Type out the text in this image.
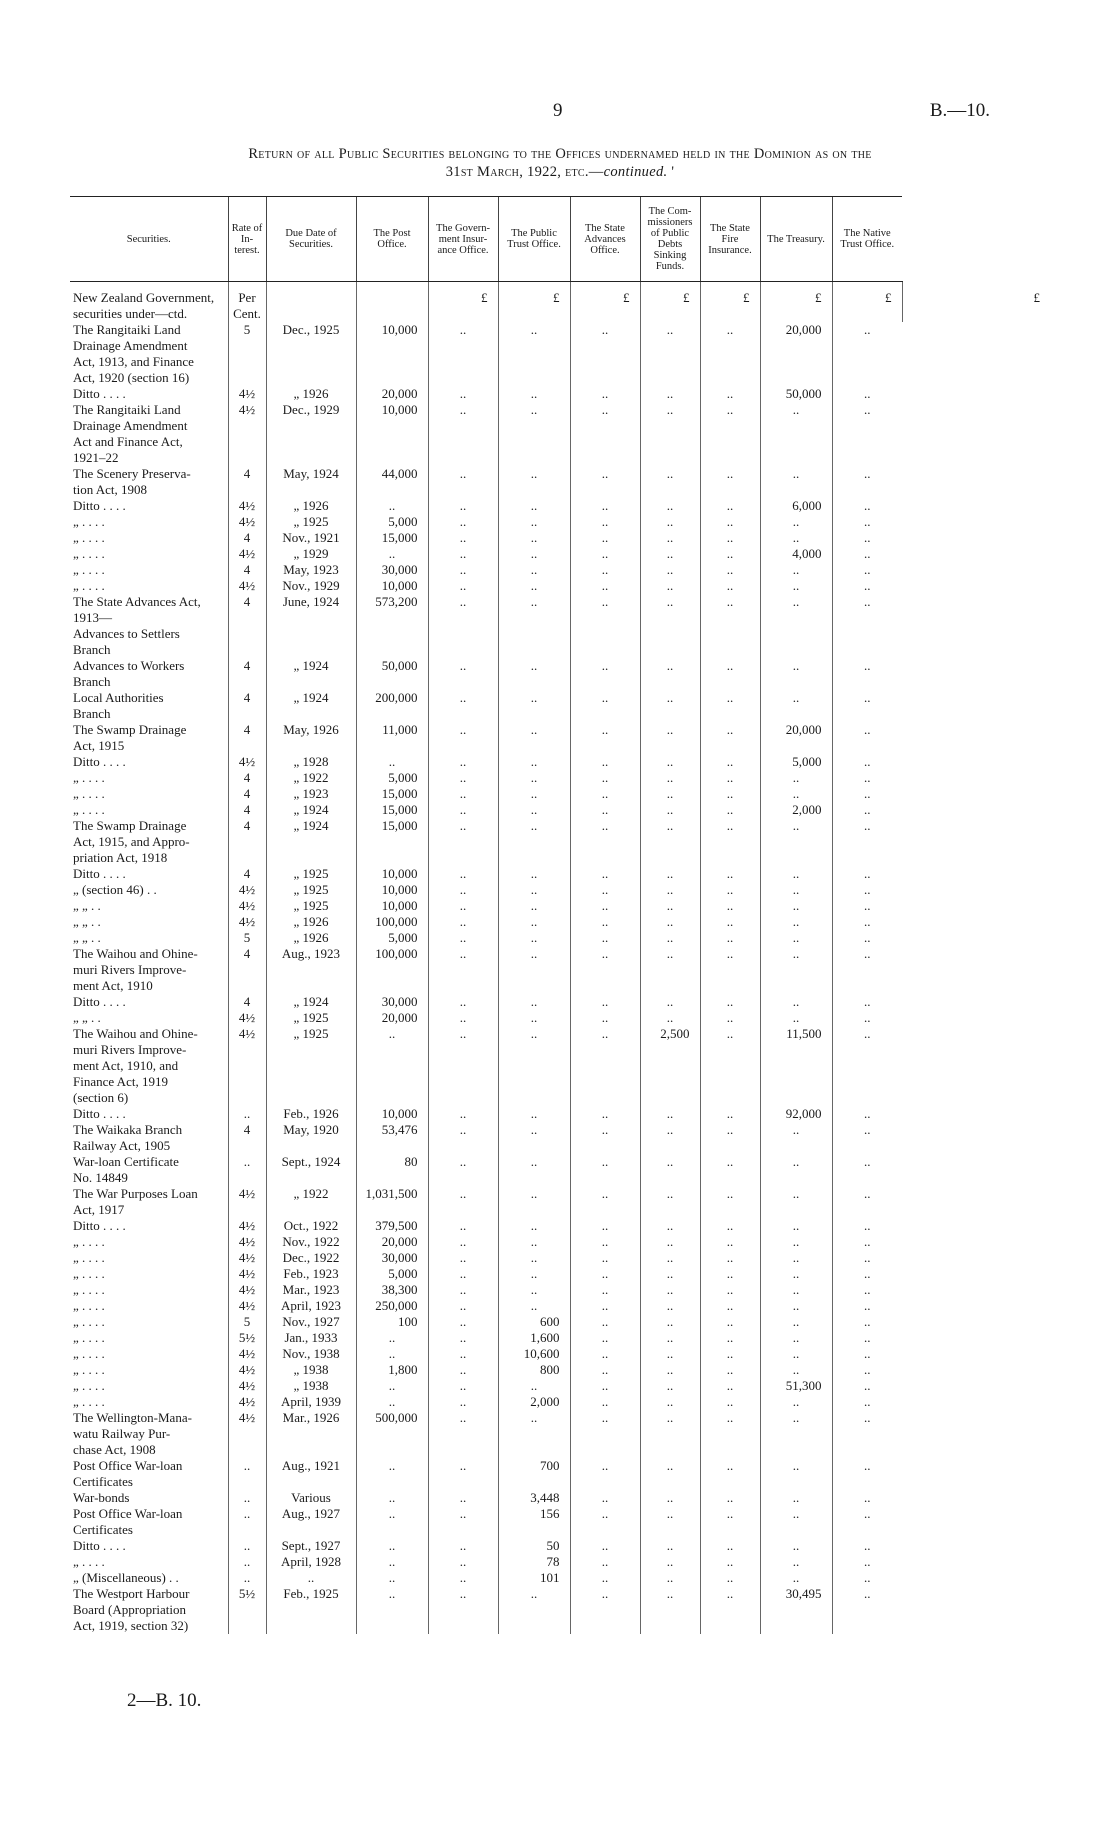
9	B.—10.
Return of all Public Securities belonging to the Offices undernamed held in the Dominion as on the
31st March, 1922, etc.—continued. '
Securities.	Rate of In-terest.	Due Date of Securities.	The Post Office.	The Govern-ment Insur-ance Office.	The Public Trust Office.	The State Advances Office.	The Com-missioners of Public Debts Sinking Funds.	The State Fire Insurance.	The Treasury.	The Native Trust Office.	
New Zealand Government,
securities under—ctd.	Per Cent.			£	£	£	£	£	£	£	£
The Rangitaiki Land
Drainage Amendment
Act, 1913, and Finance
Act, 1920 (section 16)	5	Dec., 1925	10,000	..	..	..	..	..	20,000	..	
Ditto . . . .	4½	„ 1926	20,000	..	..	..	..	..	50,000	..	
The Rangitaiki Land
Drainage Amendment
Act and Finance Act,
1921–22	4½	Dec., 1929	10,000	..	..	..	..	..	..	..	
The Scenery Preserva-
tion Act, 1908	4	May, 1924	44,000	..	..	..	..	..	..	..	
Ditto . . . .	4½	„ 1926	..	..	..	..	..	..	6,000	..	
„ . . . .	4½	„ 1925	5,000	..	..	..	..	..	..	..	
„ . . . .	4	Nov., 1921	15,000	..	..	..	..	..	..	..	
„ . . . .	4½	„ 1929	..	..	..	..	..	..	4,000	..	
„ . . . .	4	May, 1923	30,000	..	..	..	..	..	..	..	
„ . . . .	4½	Nov., 1929	10,000	..	..	..	..	..	..	..	
The State Advances Act,
1913—
Advances to Settlers
Branch	4	June, 1924	573,200	..	..	..	..	..	..	..	
Advances to Workers
Branch	4	„ 1924	50,000	..	..	..	..	..	..	..	
Local Authorities
Branch	4	„ 1924	200,000	..	..	..	..	..	..	..	
The Swamp Drainage
Act, 1915	4	May, 1926	11,000	..	..	..	..	..	20,000	..	
Ditto . . . .	4½	„ 1928	..	..	..	..	..	..	5,000	..	
„ . . . .	4	„ 1922	5,000	..	..	..	..	..	..	..	
„ . . . .	4	„ 1923	15,000	..	..	..	..	..	..	..	
„ . . . .	4	„ 1924	15,000	..	..	..	..	..	2,000	..	
The Swamp Drainage
Act, 1915, and Appro-
priation Act, 1918	4	„ 1924	15,000	..	..	..	..	..	..	..	
Ditto . . . .	4	„ 1925	10,000	..	..	..	..	..	..	..	
„ (section 46) . .	4½	„ 1925	10,000	..	..	..	..	..	..	..	
„ „ . .	4½	„ 1925	10,000	..	..	..	..	..	..	..	
„ „ . .	4½	„ 1926	100,000	..	..	..	..	..	..	..	
„ „ . .	5	„ 1926	5,000	..	..	..	..	..	..	..	
The Waihou and Ohine-
muri Rivers Improve-
ment Act, 1910	4	Aug., 1923	100,000	..	..	..	..	..	..	..	
Ditto . . . .	4	„ 1924	30,000	..	..	..	..	..	..	..	
„ „ . .	4½	„ 1925	20,000	..	..	..	..	..	..	..	
The Waihou and Ohine-
muri Rivers Improve-
ment Act, 1910, and
Finance Act, 1919
(section 6)	4½	„ 1925	..	..	..	..	2,500	..	11,500	..	
Ditto . . . .	..	Feb., 1926	10,000	..	..	..	..	..	92,000	..	
The Waikaka Branch
Railway Act, 1905	4	May, 1920	53,476	..	..	..	..	..	..	..	
War-loan Certificate
No. 14849	..	Sept., 1924	80	..	..	..	..	..	..	..	
The War Purposes Loan
Act, 1917	4½	„ 1922	1,031,500	..	..	..	..	..	..	..	
Ditto . . . .	4½	Oct., 1922	379,500	..	..	..	..	..	..	..	
„ . . . .	4½	Nov., 1922	20,000	..	..	..	..	..	..	..	
„ . . . .	4½	Dec., 1922	30,000	..	..	..	..	..	..	..	
„ . . . .	4½	Feb., 1923	5,000	..	..	..	..	..	..	..	
„ . . . .	4½	Mar., 1923	38,300	..	..	..	..	..	..	..	
„ . . . .	4½	April, 1923	250,000	..	..	..	..	..	..	..	
„ . . . .	5	Nov., 1927	100	..	600	..	..	..	..	..	
„ . . . .	5½	Jan., 1933	..	..	1,600	..	..	..	..	..	
„ . . . .	4½	Nov., 1938	..	..	10,600	..	..	..	..	..	
„ . . . .	4½	„ 1938	1,800	..	800	..	..	..	..	..	
„ . . . .	4½	„ 1938	..	..	..	..	..	..	51,300	..	
„ . . . .	4½	April, 1939	..	..	2,000	..	..	..	..	..	
The Wellington-Mana-
watu Railway Pur-
chase Act, 1908	4½	Mar., 1926	500,000	..	..	..	..	..	..	..	
Post Office War-loan
Certificates	..	Aug., 1921	..	..	700	..	..	..	..	..	
War-bonds	..	Various	..	..	3,448	..	..	..	..	..	
Post Office War-loan
Certificates	..	Aug., 1927	..	..	156	..	..	..	..	..	
Ditto . . . .	..	Sept., 1927	..	..	50	..	..	..	..	..	
„ . . . .	..	April, 1928	..	..	78	..	..	..	..	..	
„ (Miscellaneous) . .	..	..	..	..	101	..	..	..	..	..	
The Westport Harbour
Board (Appropriation
Act, 1919, section 32)	5½	Feb., 1925	..	..	..	..	..	..	30,495	..	
2—B. 10.
